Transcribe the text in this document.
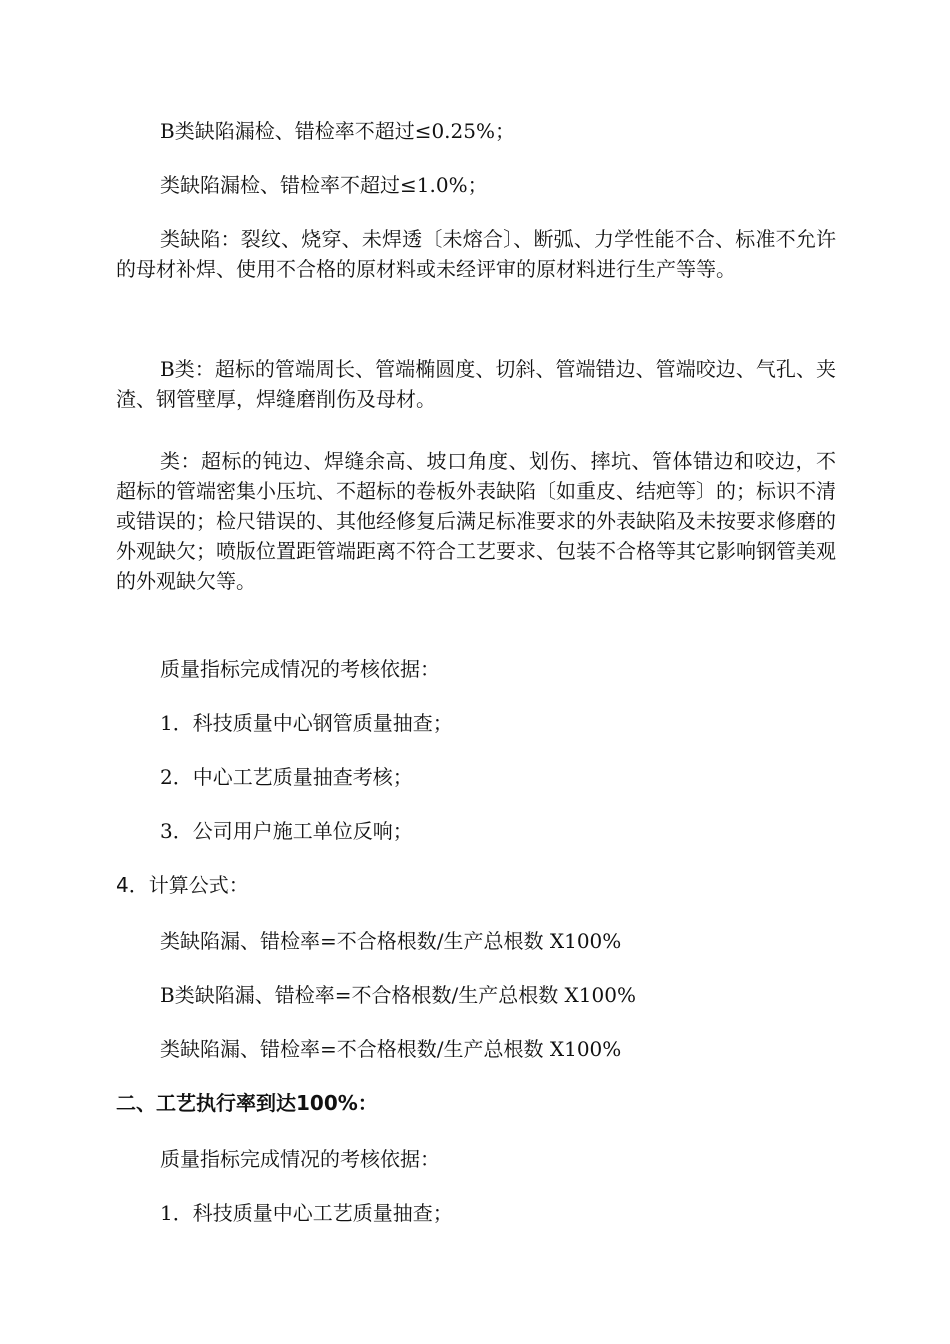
B类缺陷漏检、错检率不超过≤0.25%；
类缺陷漏检、错检率不超过≤1.0%；
类缺陷：裂纹、烧穿、未焊透〔未熔合〕、断弧、力学性能不合、标准不允许的母材补焊、使用不合格的原材料或未经评审的原材料进行生产等等。
B类：超标的管端周长、管端椭圆度、切斜、管端错边、管端咬边、气孔、夹渣、钢管壁厚，焊缝磨削伤及母材。
类：超标的钝边、焊缝余高、坡口角度、划伤、摔坑、管体错边和咬边，不超标的管端密集小压坑、不超标的卷板外表缺陷〔如重皮、结疤等〕的；标识不清或错误的；检尺错误的、其他经修复后满足标准要求的外表缺陷及未按要求修磨的外观缺欠；喷版位置距管端距离不符合工艺要求、包装不合格等其它影响钢管美观的外观缺欠等。
质量指标完成情况的考核依据：
1．科技质量中心钢管质量抽查；
2．中心工艺质量抽查考核；
3．公司用户施工单位反响；
4．计算公式：
类缺陷漏、错检率=不合格根数/生产总根数 Χ100%
B类缺陷漏、错检率=不合格根数/生产总根数 Χ100%
类缺陷漏、错检率=不合格根数/生产总根数 Χ100%
二、工艺执行率到达100%：
质量指标完成情况的考核依据：
1．科技质量中心工艺质量抽查；
